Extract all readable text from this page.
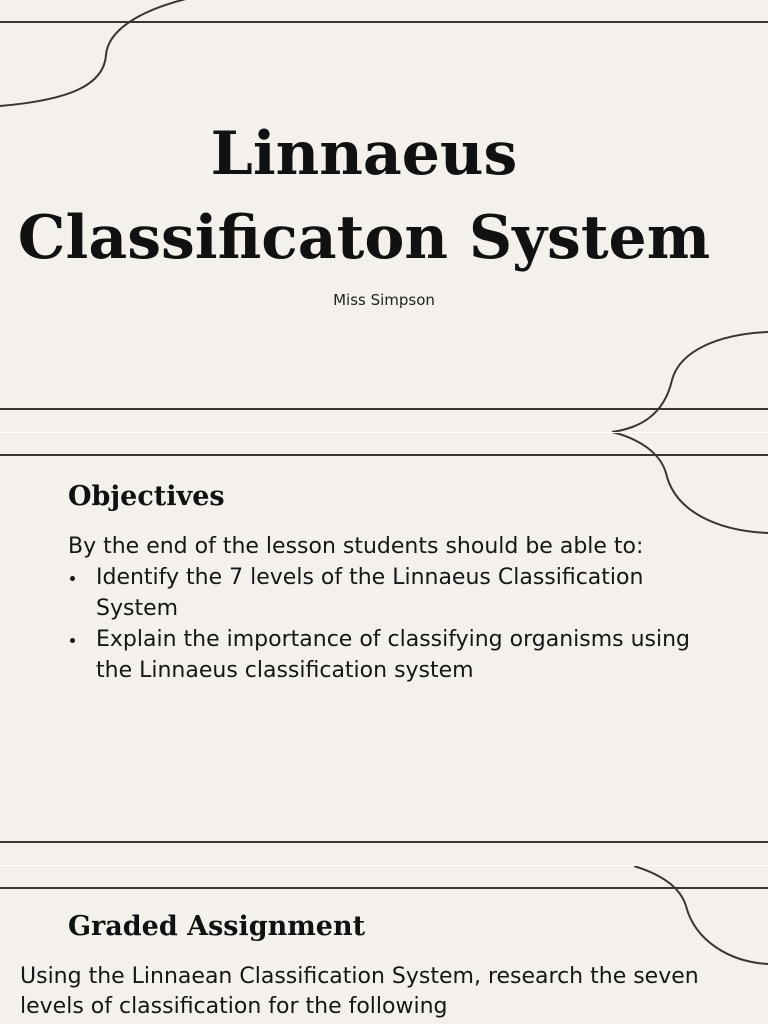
Linnaeus
Classificaton System
Miss Simpson
Objectives

By the end of the lesson students should be able to:

Identify the 7 levels of the Linnaeus Classification System
Explain the importance of classifying organisms using the Linnaeus classification system
Graded Assignment

Using the Linnaean Classification System, research the seven levels of classification for the following
